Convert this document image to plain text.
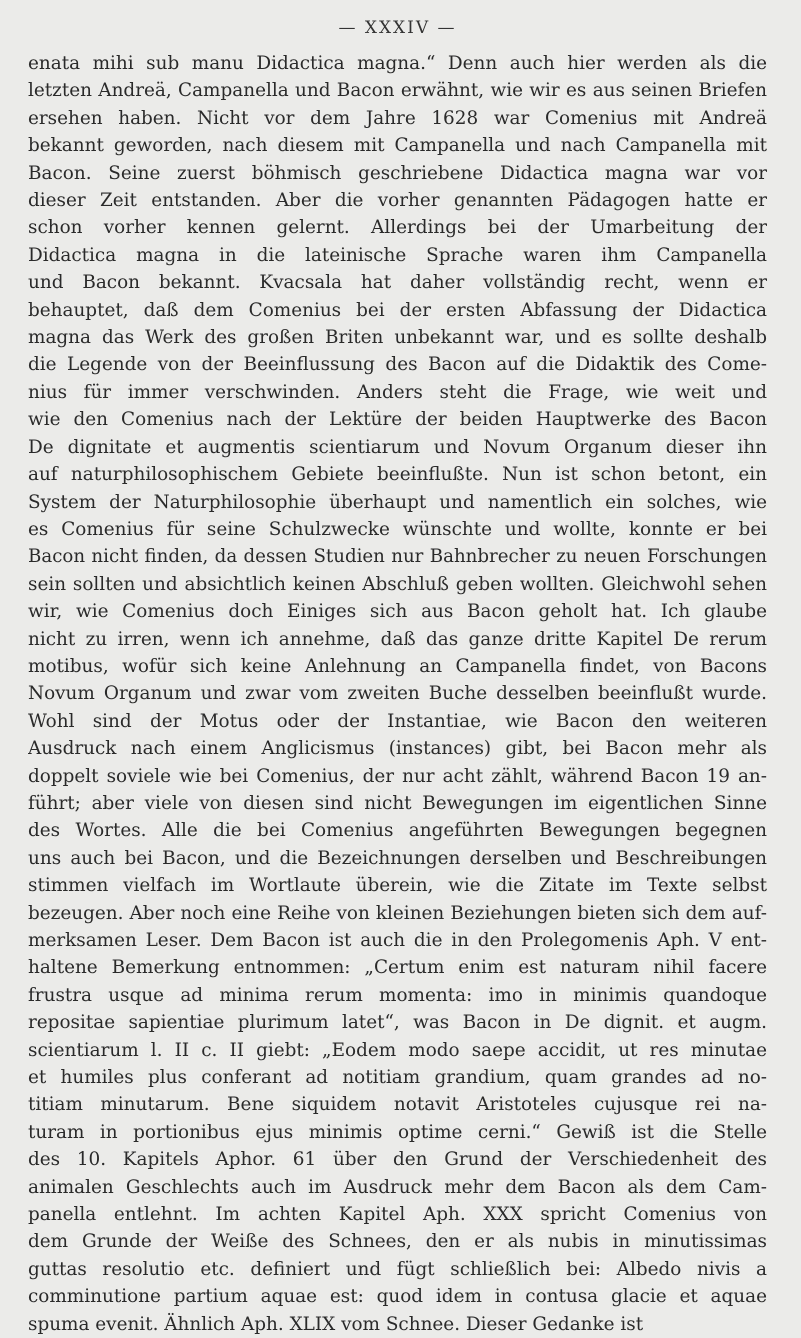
— XXXIV —
enata mihi sub manu Didactica magna.“ Denn auch hier werden als die
letzten Andreä, Campanella und Bacon erwähnt, wie wir es aus seinen Briefen
ersehen haben. Nicht vor dem Jahre 1628 war Comenius mit Andreä
bekannt geworden, nach diesem mit Campanella und nach Campanella mit
Bacon. Seine zuerst böhmisch geschriebene Didactica magna war vor
dieser Zeit entstanden. Aber die vorher genannten Pädagogen hatte er
schon vorher kennen gelernt. Allerdings bei der Umarbeitung der
Didactica magna in die lateinische Sprache waren ihm Campanella
und Bacon bekannt. Kvacsala hat daher vollständig recht, wenn er
behauptet, daß dem Comenius bei der ersten Abfassung der Didactica
magna das Werk des großen Briten unbekannt war, und es sollte deshalb
die Legende von der Beeinflussung des Bacon auf die Didaktik des Come-
nius für immer verschwinden. Anders steht die Frage, wie weit und
wie den Comenius nach der Lektüre der beiden Hauptwerke des Bacon
De dignitate et augmentis scientiarum und Novum Organum dieser ihn
auf naturphilosophischem Gebiete beeinflußte. Nun ist schon betont, ein
System der Naturphilosophie überhaupt und namentlich ein solches, wie
es Comenius für seine Schulzwecke wünschte und wollte, konnte er bei
Bacon nicht finden, da dessen Studien nur Bahnbrecher zu neuen Forschungen
sein sollten und absichtlich keinen Abschluß geben wollten. Gleichwohl sehen
wir, wie Comenius doch Einiges sich aus Bacon geholt hat. Ich glaube
nicht zu irren, wenn ich annehme, daß das ganze dritte Kapitel De rerum
motibus, wofür sich keine Anlehnung an Campanella findet, von Bacons
Novum Organum und zwar vom zweiten Buche desselben beeinflußt wurde.
Wohl sind der Motus oder der Instantiae, wie Bacon den weiteren
Ausdruck nach einem Anglicismus (instances) gibt, bei Bacon mehr als
doppelt soviele wie bei Comenius, der nur acht zählt, während Bacon 19 an-
führt; aber viele von diesen sind nicht Bewegungen im eigentlichen Sinne
des Wortes. Alle die bei Comenius angeführten Bewegungen begegnen
uns auch bei Bacon, und die Bezeichnungen derselben und Beschreibungen
stimmen vielfach im Wortlaute überein, wie die Zitate im Texte selbst
bezeugen. Aber noch eine Reihe von kleinen Beziehungen bieten sich dem auf-
merksamen Leser. Dem Bacon ist auch die in den Prolegomenis Aph. V ent-
haltene Bemerkung entnommen: „Certum enim est naturam nihil facere
frustra usque ad minima rerum momenta: imo in minimis quandoque
repositae sapientiae plurimum latet“, was Bacon in De dignit. et augm.
scientiarum l. II c. II giebt: „Eodem modo saepe accidit, ut res minutae
et humiles plus conferant ad notitiam grandium, quam grandes ad no-
titiam minutarum. Bene siquidem notavit Aristoteles cujusque rei na-
turam in portionibus ejus minimis optime cerni.“ Gewiß ist die Stelle
des 10. Kapitels Aphor. 61 über den Grund der Verschiedenheit des
animalen Geschlechts auch im Ausdruck mehr dem Bacon als dem Cam-
panella entlehnt. Im achten Kapitel Aph. XXX spricht Comenius von
dem Grunde der Weiße des Schnees, den er als nubis in minutissimas
guttas resolutio etc. definiert und fügt schließlich bei: Albedo nivis a
comminutione partium aquae est: quod idem in contusa glacie et aquae
spuma evenit. Ähnlich Aph. XLIX vom Schnee. Dieser Gedanke ist
